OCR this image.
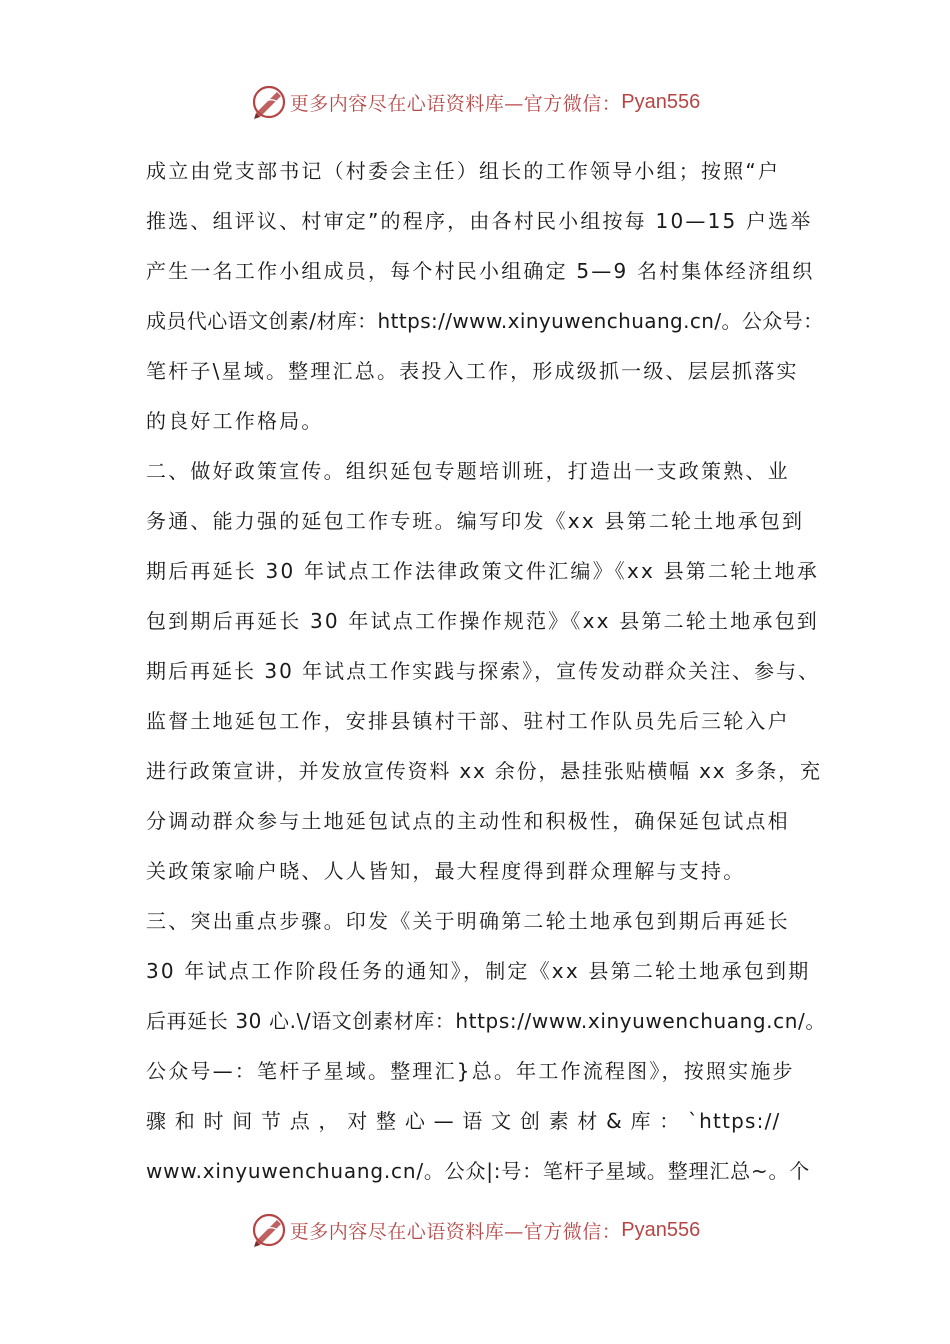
更多内容尽在心语资料库—官方微信： Pyan556
成立由党支部书记（村委会主任）组长的工作领导小组；按照“户
推选、组评议、村审定”的程序，由各村民小组按每 10—15 户选举
产生一名工作小组成员，每个村民小组确定 5—9 名村集体经济组织
成员代心语文创素/材库：https://www.xinyuwenchuang.cn/。公众号：
笔杆子\星域。整理汇总。表投入工作，形成级抓一级、层层抓落实
的良好工作格局。
二、做好政策宣传。组织延包专题培训班，打造出一支政策熟、业
务通、能力强的延包工作专班。编写印发《xx 县第二轮土地承包到
期后再延长 30 年试点工作法律政策文件汇编》《xx 县第二轮土地承
包到期后再延长 30 年试点工作操作规范》《xx 县第二轮土地承包到
期后再延长 30 年试点工作实践与探索》，宣传发动群众关注、参与、
监督土地延包工作，安排县镇村干部、驻村工作队员先后三轮入户
进行政策宣讲，并发放宣传资料 xx 余份，悬挂张贴横幅 xx 多条，充
分调动群众参与土地延包试点的主动性和积极性，确保延包试点相
关政策家喻户晓、人人皆知，最大程度得到群众理解与支持。
三、突出重点步骤。印发《关于明确第二轮土地承包到期后再延长
30 年试点工作阶段任务的通知》，制定《xx 县第二轮土地承包到期
后再延长 30 心.\/语文创素材库：https://www.xinyuwenchuang.cn/。
公众号—：笔杆子星域。整理汇}总。年工作流程图》，按照实施步
骤 和 时 间 节 点 ， 对 整 心 — 语 文 创 素 材 & 库 ： `https://
www.xinyuwenchuang.cn/。公众|:号：笔杆子星域。整理汇总~。个
更多内容尽在心语资料库—官方微信： Pyan556
